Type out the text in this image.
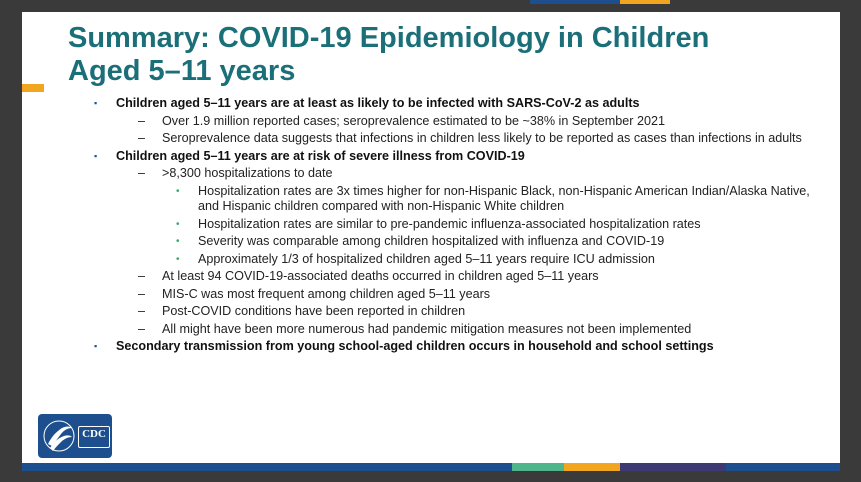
Summary: COVID-19 Epidemiology in Children
Aged 5–11 years
▪ Children aged 5–11 years are at least as likely to be infected with SARS-CoV-2 as adults
– Over 1.9 million reported cases; seroprevalence estimated to be ~38% in September 2021
– Seroprevalence data suggests that infections in children less likely to be reported as cases than infections in adults
▪ Children aged 5–11 years are at risk of severe illness from COVID-19
– >8,300 hospitalizations to date
• Hospitalization rates are 3x times higher for non-Hispanic Black, non-Hispanic American Indian/Alaska Native, and Hispanic children compared with non-Hispanic White children
• Hospitalization rates are similar to pre-pandemic influenza-associated hospitalization rates
• Severity was comparable among children hospitalized with influenza and COVID-19
• Approximately 1/3 of hospitalized children aged 5–11 years require ICU admission
– At least 94 COVID-19-associated deaths occurred in children aged 5–11 years
– MIS-C was most frequent among children aged 5–11 years
– Post-COVID conditions have been reported in children
– All might have been more numerous had pandemic mitigation measures not been implemented
▪ Secondary transmission from young school-aged children occurs in household and school settings
CDC
